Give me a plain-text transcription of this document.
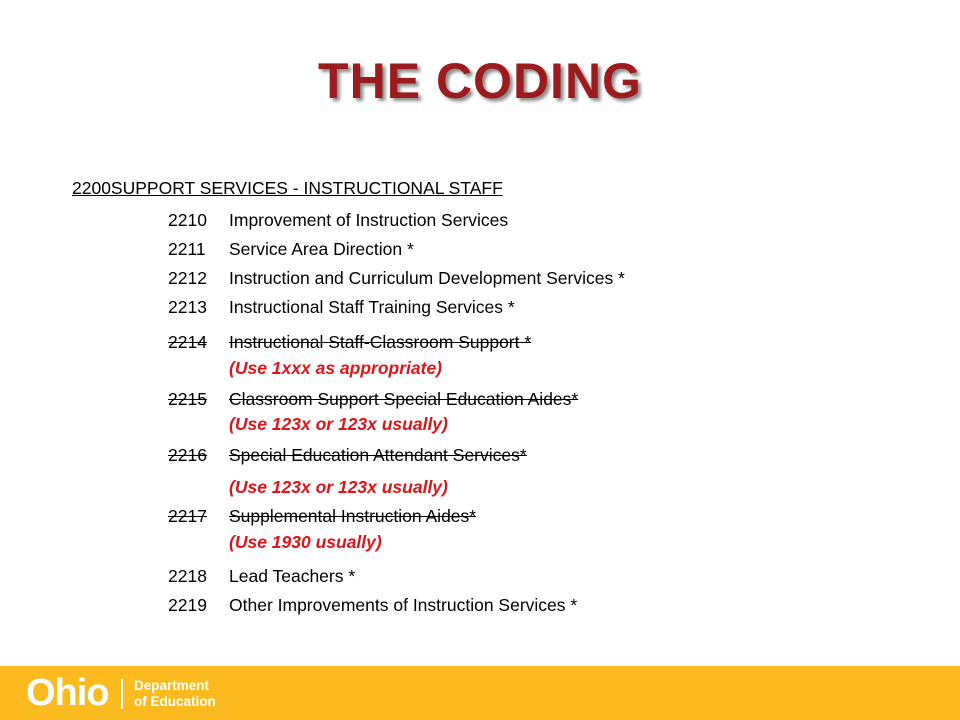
THE CODING
2200SUPPORT SERVICES - INSTRUCTIONAL STAFF
2210	Improvement of Instruction Services
2211	Service Area Direction *
2212	Instruction and Curriculum Development Services *
2213	Instructional Staff Training Services *
2214	Instructional Staff-Classroom Support *
(Use 1xxx as appropriate)
2215	Classroom Support Special Education Aides*
(Use 123x or 123x usually)
2216	Special Education Attendant Services*
(Use 123x or 123x usually)
2217	Supplemental Instruction Aides*
(Use 1930 usually)
2218	Lead Teachers *
2219	Other Improvements of Instruction Services *
Ohio Department
of Education
